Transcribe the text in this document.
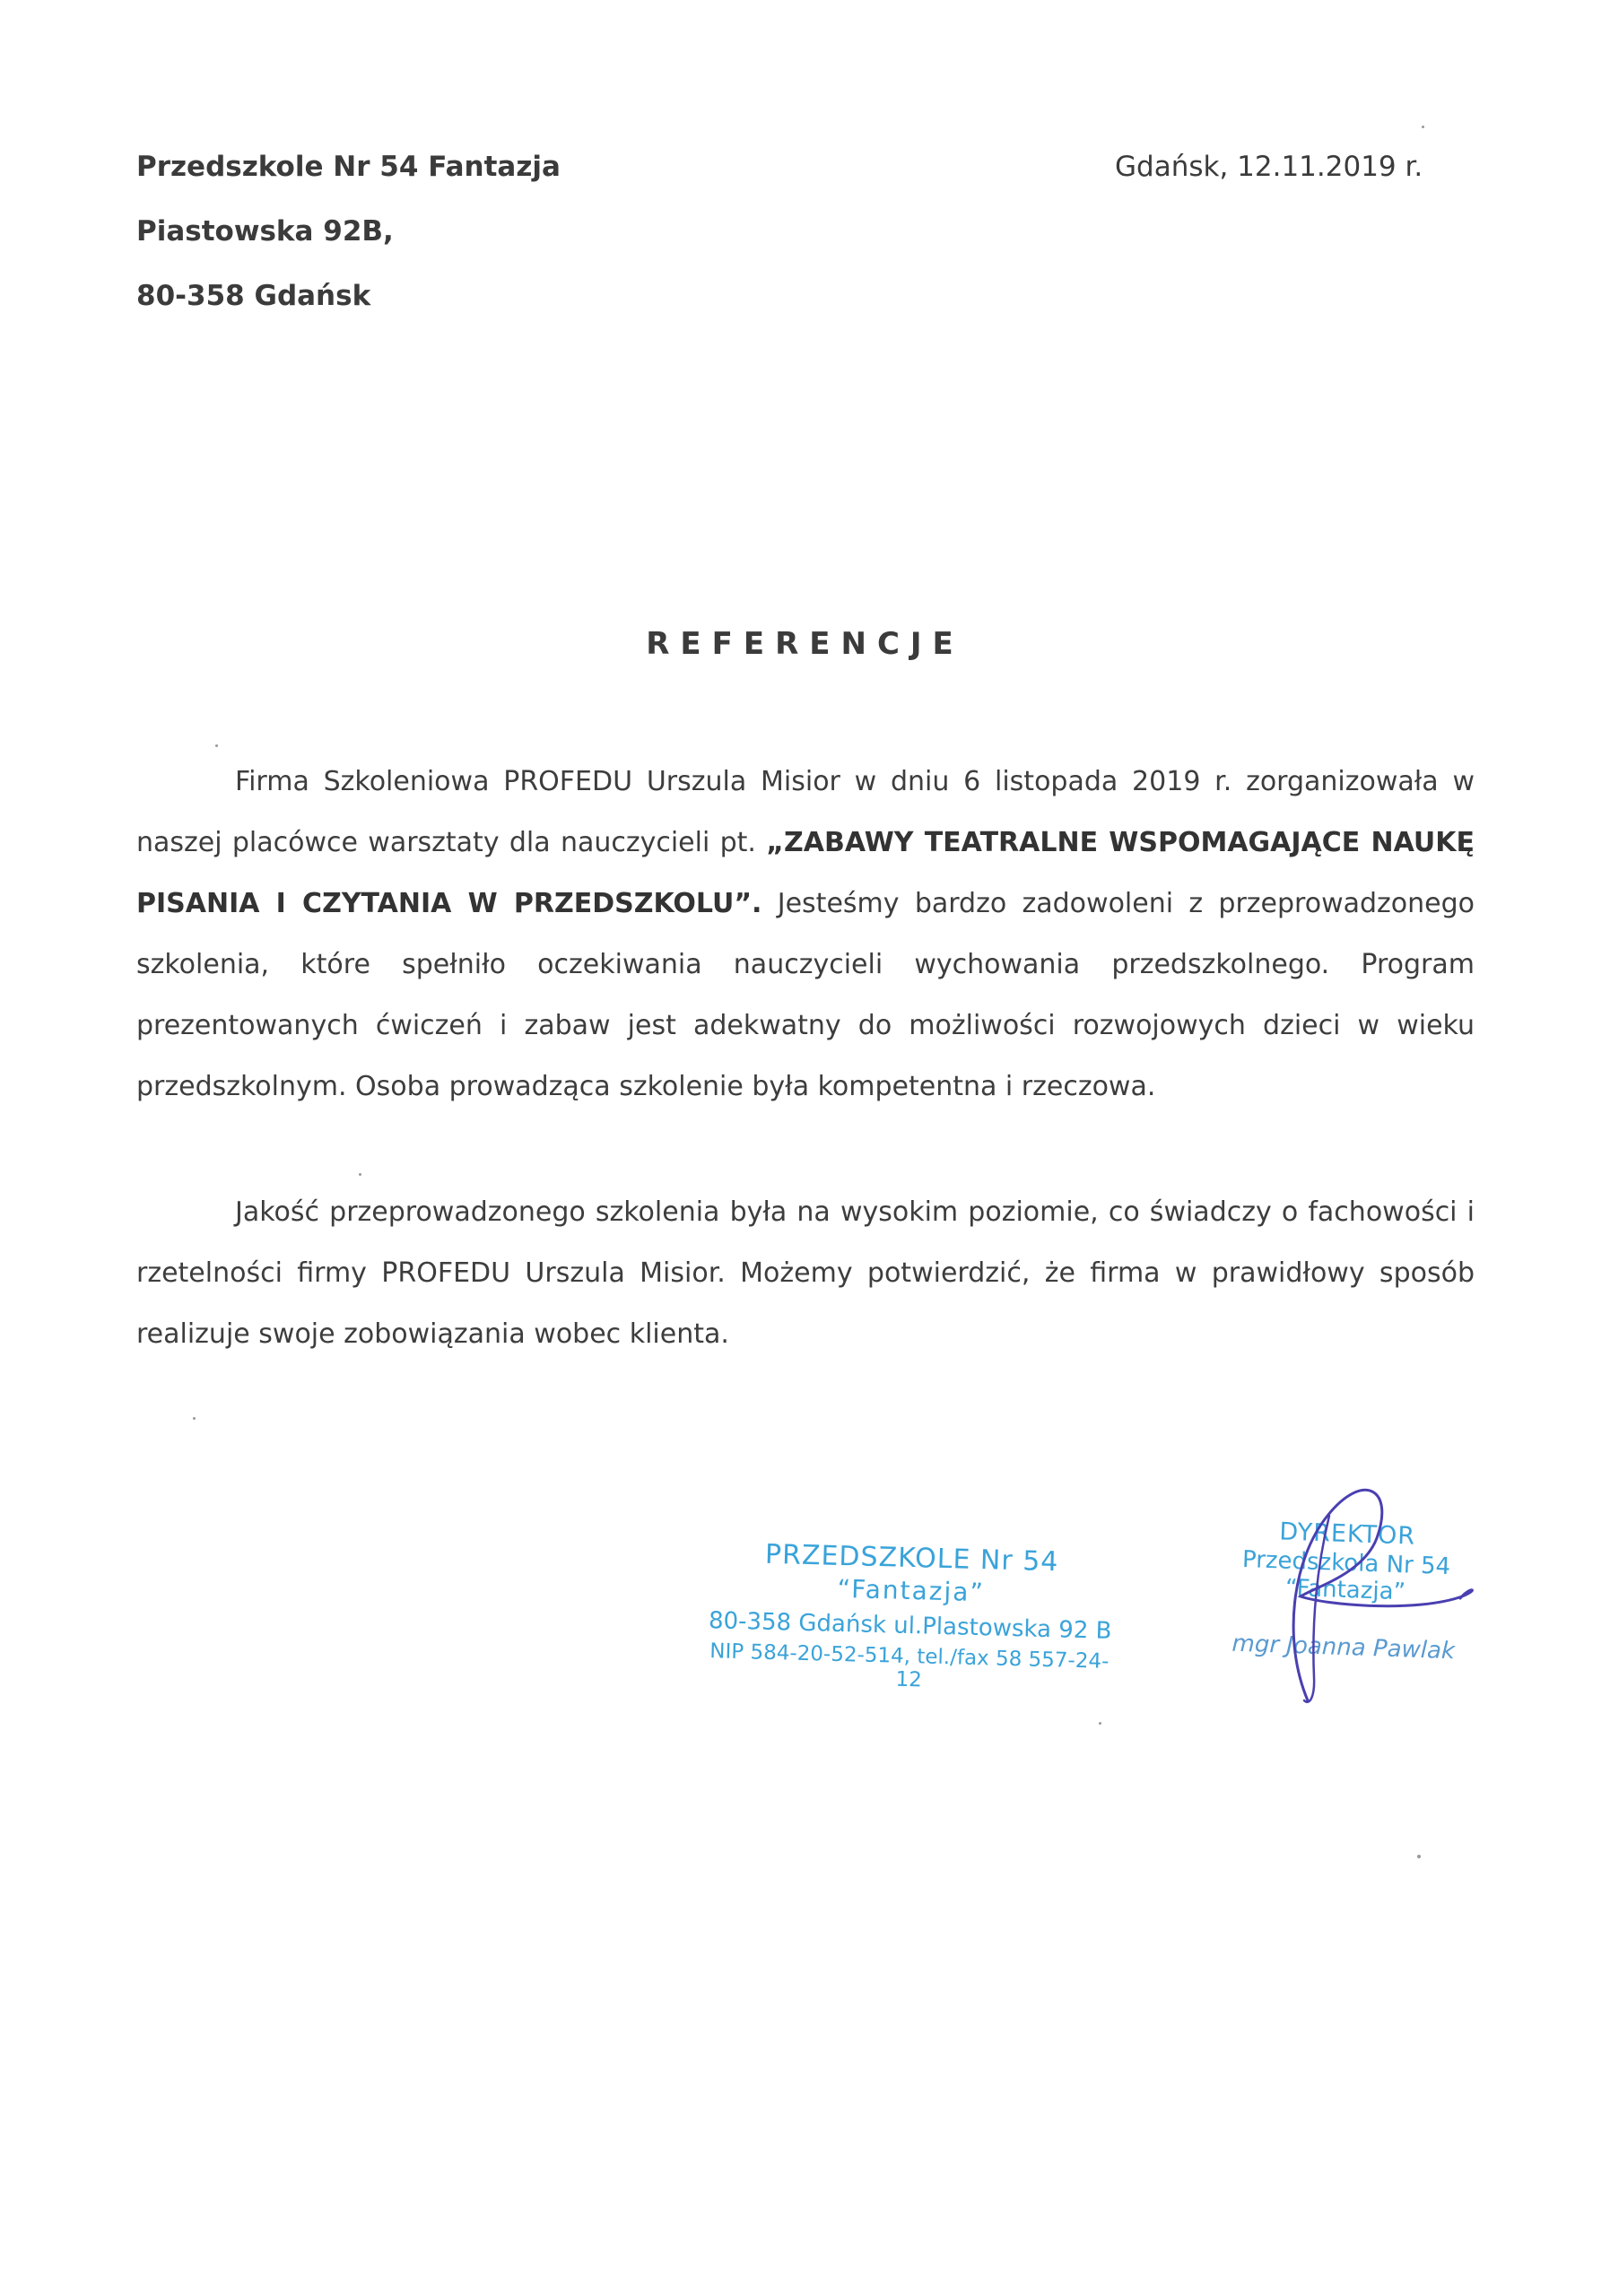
Przedszkole Nr 54 Fantazja
Piastowska 92B,
80-358 Gdańsk
Gdańsk, 12.11.2019 r.
REFERENCJE
Firma Szkoleniowa PROFEDU Urszula Misior w dniu 6 listopada 2019 r. zorganizowała w naszej placówce warsztaty dla nauczycieli pt. „ZABAWY TEATRALNE WSPOMAGAJĄCE NAUKĘ PISANIA I CZYTANIA W PRZEDSZKOLU”. Jesteśmy bardzo zadowoleni z przeprowadzonego szkolenia, które spełniło oczekiwania nauczycieli wychowania przedszkolnego. Program prezentowanych ćwiczeń i zabaw jest adekwatny do możliwości rozwojowych dzieci w wieku przedszkolnym. Osoba prowadząca szkolenie była kompetentna i rzeczowa.
Jakość przeprowadzonego szkolenia była na wysokim poziomie, co świadczy o fachowości i rzetelności firmy PROFEDU Urszula Misior. Możemy potwierdzić, że firma w prawidłowy sposób realizuje swoje zobowiązania wobec klienta.
PRZEDSZKOLE Nr 54
“Fantazja”
80-358 Gdańsk ul.Plastowska 92 B
NIP 584-20-52-514, tel./fax 58 557-24-12
DYREKTOR
Przedszkola Nr 54
“Fantazja”
mgr Joanna Pawlak
